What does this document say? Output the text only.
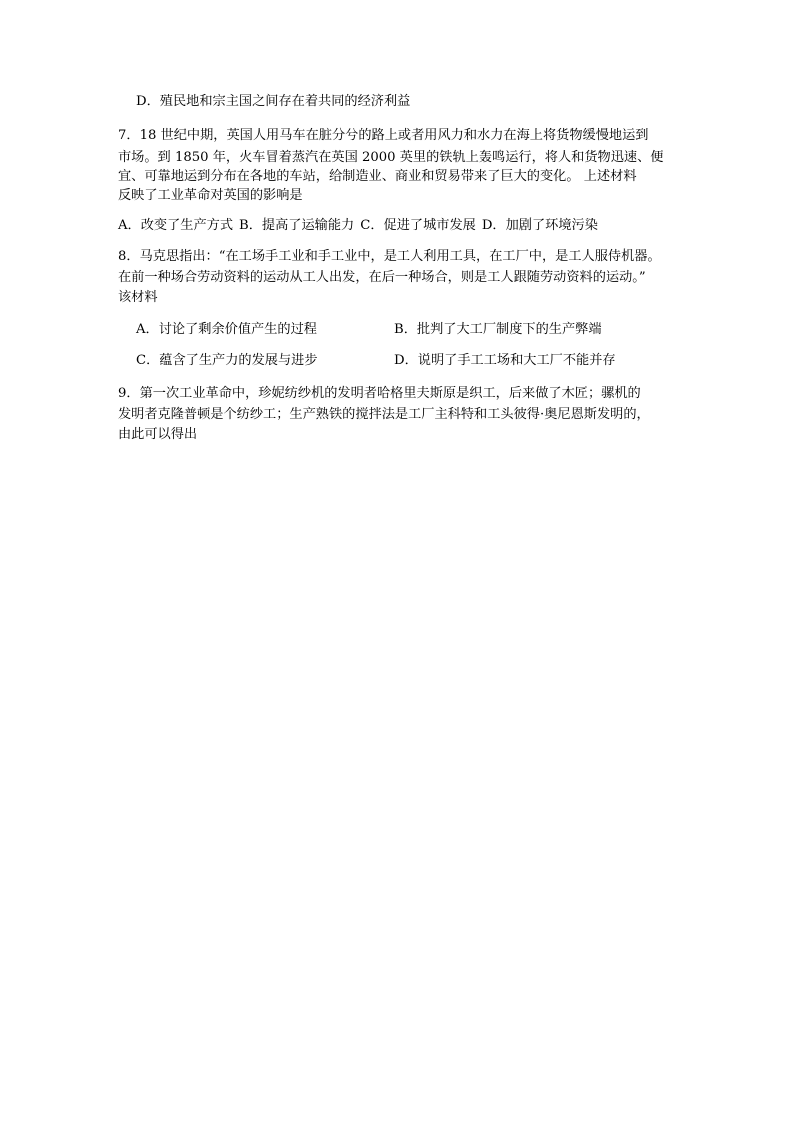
D．殖民地和宗主国之间存在着共同的经济利益
7．18 世纪中期，英国人用马车在脏分兮的路上或者用风力和水力在海上将货物缓慢地运到
市场。到 1850 年，火车冒着蒸汽在英国 2000 英里的铁轨上轰鸣运行，将人和货物迅速、便
宜、可靠地运到分布在各地的车站，给制造业、商业和贸易带来了巨大的变化。 上述材料
反映了工业革命对英国的影响是
A．改变了生产方式 B．提高了运输能力 C．促进了城市发展 D．加剧了环境污染
8．马克思指出：“在工场手工业和手工业中，是工人利用工具，在工厂中，是工人服侍机器。
在前一种场合劳动资料的运动从工人出发，在后一种场合，则是工人跟随劳动资料的运动。”
该材料
A．讨论了剩余价值产生的过程	B．批判了大工厂制度下的生产弊端
C．蕴含了生产力的发展与进步	D．说明了手工工场和大工厂不能并存
9．第一次工业革命中，珍妮纺纱机的发明者哈格里夫斯原是织工，后来做了木匠；骡机的
发明者克隆普顿是个纺纱工；生产熟铁的搅拌法是工厂主科特和工头彼得·奥尼恩斯发明的，
由此可以得出
